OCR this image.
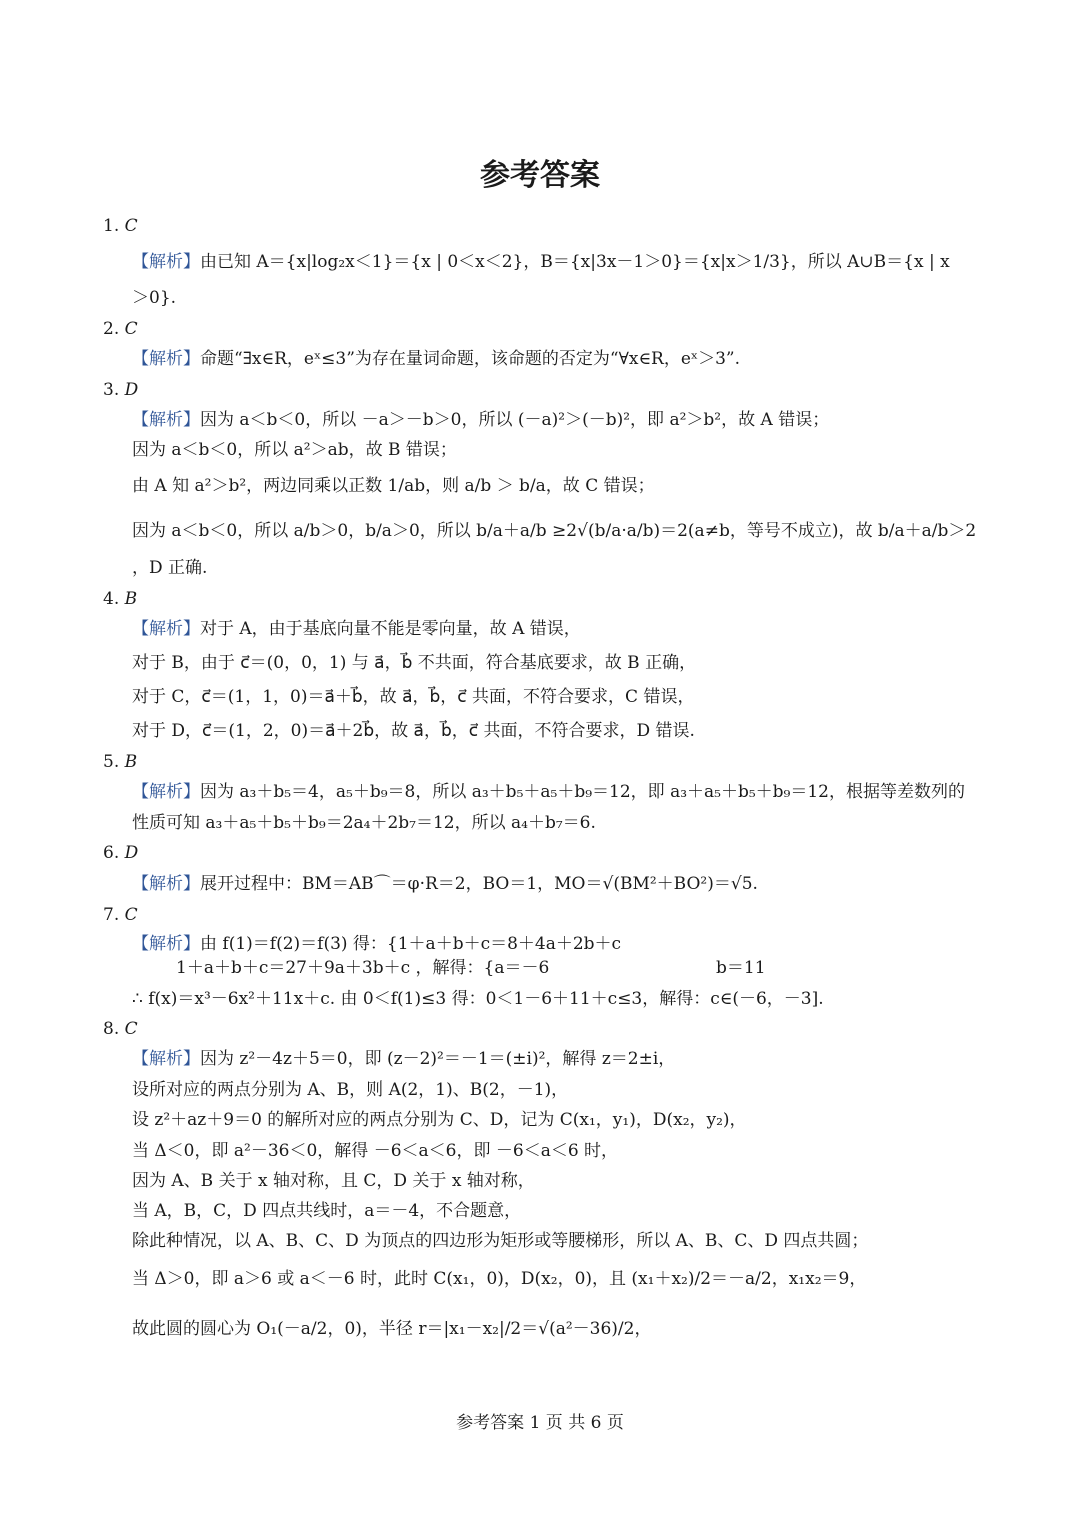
参考答案
1. C
【解析】由已知 A＝{x|log₂x＜1}＝{x | 0＜x＜2}，B＝{x|3x－1＞0}＝{x|x＞1/3}，所以 A∪B＝{x | x
＞0}.
2. C
【解析】命题“∃x∈R，eˣ≤3”为存在量词命题，该命题的否定为“∀x∈R，eˣ＞3”.
3. D
【解析】因为 a＜b＜0，所以 －a＞－b＞0，所以 (－a)²＞(－b)²，即 a²＞b²，故 A 错误；
因为 a＜b＜0，所以 a²＞ab，故 B 错误；
由 A 知 a²＞b²，两边同乘以正数 1/ab，则 a/b ＞ b/a，故 C 错误；
因为 a＜b＜0，所以 a/b＞0，b/a＞0，所以 b/a＋a/b ≥2√(b/a·a/b)＝2(a≠b，等号不成立)，故 b/a＋a/b＞2
，D 正确.
4. B
【解析】对于 A，由于基底向量不能是零向量，故 A 错误，
对于 B，由于 c⃗＝(0，0，1) 与 a⃗，b⃗ 不共面，符合基底要求，故 B 正确，
对于 C，c⃗＝(1，1，0)＝a⃗＋b⃗，故 a⃗，b⃗，c⃗ 共面，不符合要求，C 错误，
对于 D，c⃗＝(1，2，0)＝a⃗＋2b⃗，故 a⃗，b⃗，c⃗ 共面，不符合要求，D 错误.
5. B
【解析】因为 a₃＋b₅＝4，a₅＋b₉＝8，所以 a₃＋b₅＋a₅＋b₉＝12，即 a₃＋a₅＋b₅＋b₉＝12，根据等差数列的
性质可知 a₃＋a₅＋b₅＋b₉＝2a₄＋2b₇＝12，所以 a₄＋b₇＝6.
6. D
【解析】展开过程中：BM＝AB⌒＝φ·R＝2，BO＝1，MO＝√(BM²＋BO²)＝√5.
7. C
【解析】由 f(1)＝f(2)＝f(3) 得：{1＋a＋b＋c＝8＋4a＋2b＋c
1＋a＋b＋c＝27＋9a＋3b＋c ，解得：{a＝－6	b＝11
∴ f(x)＝x³－6x²＋11x＋c. 由 0＜f(1)≤3 得：0＜1－6＋11＋c≤3，解得：c∈(－6，－3].
8. C
【解析】因为 z²－4z＋5＝0，即 (z－2)²＝－1＝(±i)²，解得 z＝2±i，
设所对应的两点分别为 A、B，则 A(2，1)、B(2，－1)，
设 z²＋az＋9＝0 的解所对应的两点分别为 C、D，记为 C(x₁，y₁)，D(x₂，y₂)，
当 Δ＜0，即 a²－36＜0，解得 －6＜a＜6，即 －6＜a＜6 时，
因为 A、B 关于 x 轴对称，且 C，D 关于 x 轴对称，
当 A，B，C，D 四点共线时，a＝－4，不合题意，
除此种情况，以 A、B、C、D 为顶点的四边形为矩形或等腰梯形，所以 A、B、C、D 四点共圆；
当 Δ＞0，即 a＞6 或 a＜－6 时，此时 C(x₁，0)，D(x₂，0)，且 (x₁＋x₂)/2＝－a/2，x₁x₂＝9，
故此圆的圆心为 O₁(－a/2，0)，半径 r＝|x₁－x₂|/2＝√(a²－36)/2，
参考答案 1 页 共 6 页
